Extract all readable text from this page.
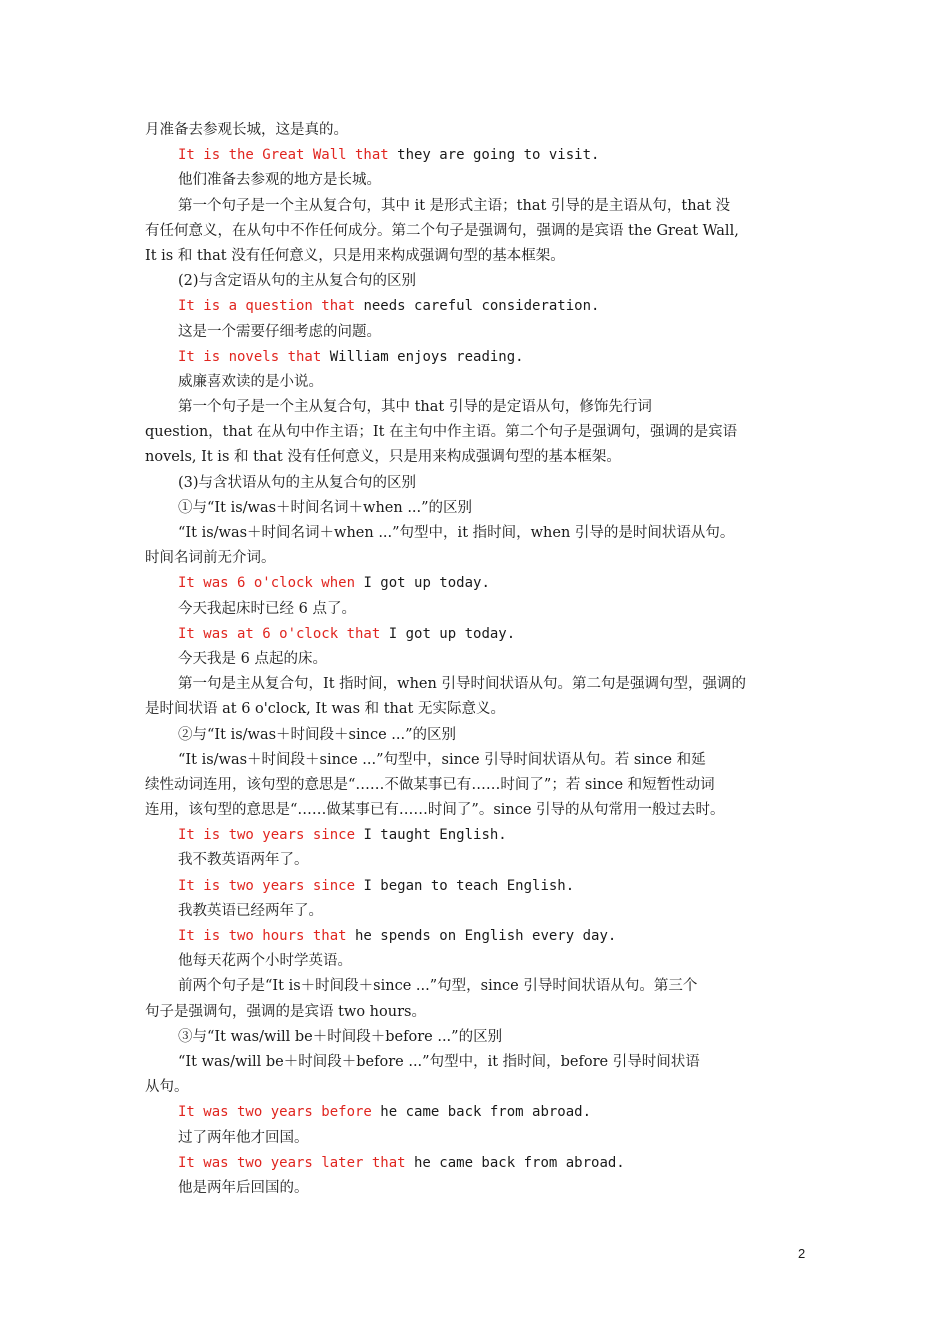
月准备去参观长城，这是真的。

It is the Great Wall that they are going to visit.

他们准备去参观的地方是长城。

第一个句子是一个主从复合句，其中 it 是形式主语；that 引导的是主语从句，that 没

有任何意义，在从句中不作任何成分。第二个句子是强调句，强调的是宾语 the Great Wall,

It is 和 that 没有任何意义，只是用来构成强调句型的基本框架。

(2)与含定语从句的主从复合句的区别

It is a question that needs careful consideration.

这是一个需要仔细考虑的问题。

It is novels that William enjoys reading.

威廉喜欢读的是小说。

第一个句子是一个主从复合句，其中 that 引导的是定语从句，修饰先行词

question，that 在从句中作主语；It 在主句中作主语。第二个句子是强调句，强调的是宾语

novels, It is 和 that 没有任何意义，只是用来构成强调句型的基本框架。

(3)与含状语从句的主从复合句的区别

①与“It is/was＋时间名词＋when ...”的区别

“It is/was＋时间名词＋when ...”句型中，it 指时间，when 引导的是时间状语从句。

时间名词前无介词。

It was 6 o'clock when I got up today.

今天我起床时已经 6 点了。

It was at 6 o'clock that I got up today.

今天我是 6 点起的床。

第一句是主从复合句，It 指时间，when 引导时间状语从句。第二句是强调句型，强调的

是时间状语 at 6 o'clock, It was 和 that 无实际意义。

②与“It is/was＋时间段＋since ...”的区别

“It is/was＋时间段＋since ...”句型中，since 引导时间状语从句。若 since 和延

续性动词连用，该句型的意思是“……不做某事已有……时间了”；若 since 和短暂性动词

连用，该句型的意思是“……做某事已有……时间了”。since 引导的从句常用一般过去时。

It is two years since I taught English.

我不教英语两年了。

It is two years since I began to teach English.

我教英语已经两年了。

It is two hours that he spends on English every day.

他每天花两个小时学英语。

前两个句子是“It is＋时间段＋since ...”句型，since 引导时间状语从句。第三个

句子是强调句，强调的是宾语 two hours。

③与“It was/will be＋时间段＋before ...”的区别

“It was/will be＋时间段＋before ...”句型中，it 指时间，before 引导时间状语

从句。

It was two years before he came back from abroad.

过了两年他才回国。

It was two years later that he came back from abroad.

他是两年后回国的。

2
